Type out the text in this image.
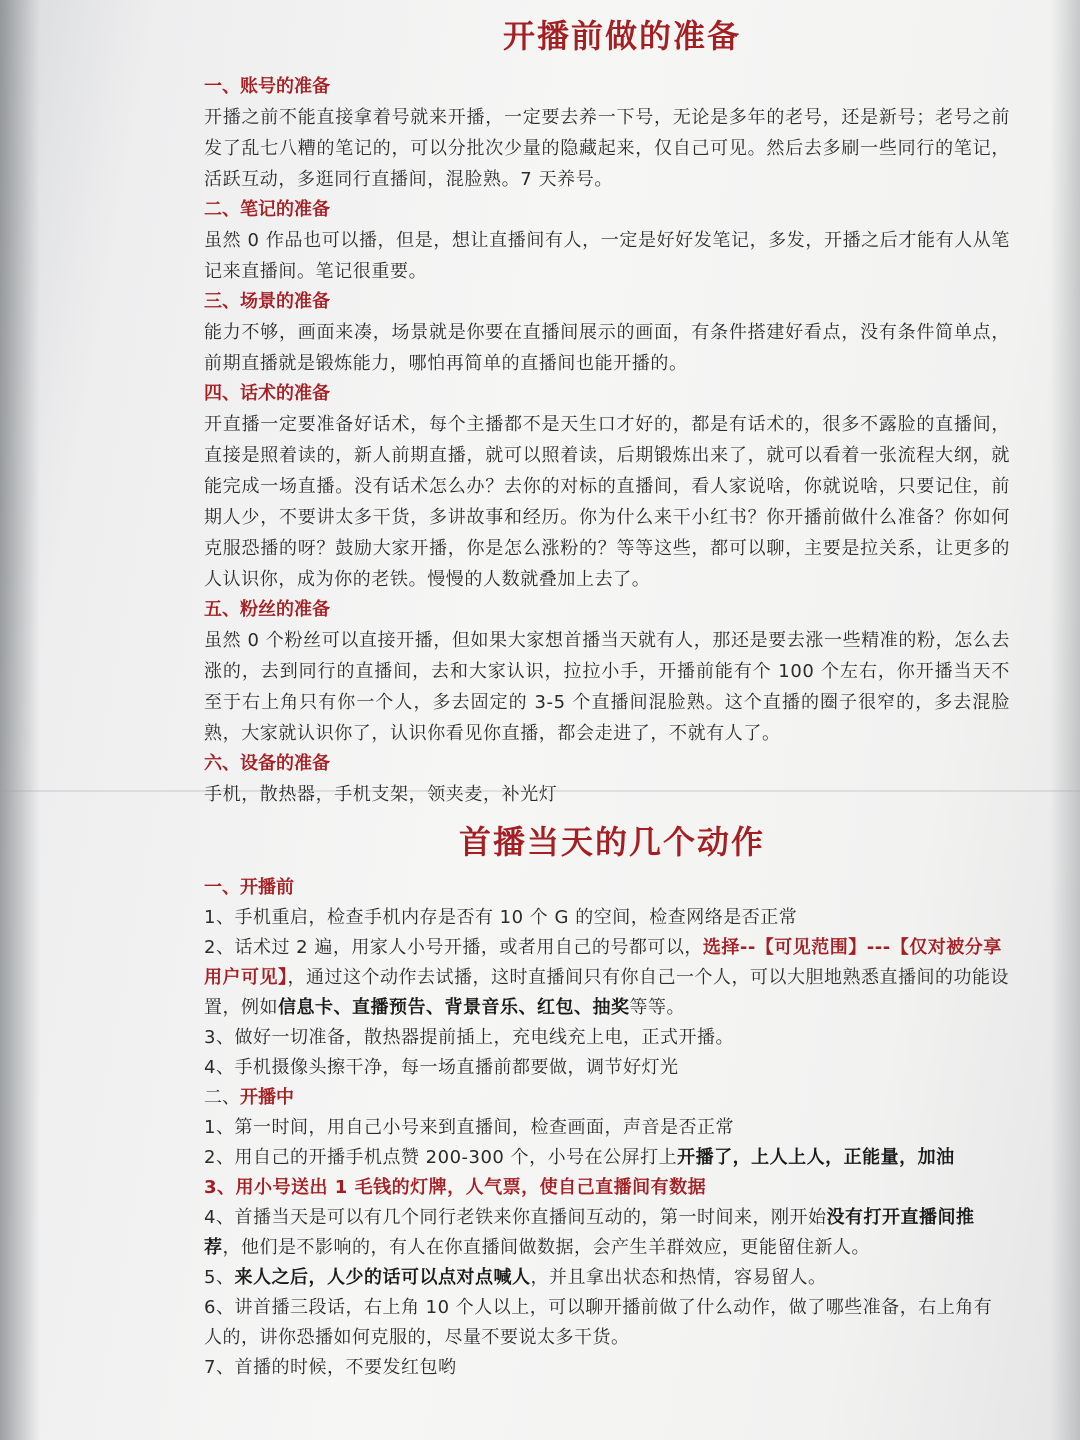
开播前做的准备

一、账号的准备

开播之前不能直接拿着号就来开播，一定要去养一下号，无论是多年的老号，还是新号；老号之前发了乱七八糟的笔记的，可以分批次少量的隐藏起来，仅自己可见。然后去多刷一些同行的笔记，活跃互动，多逛同行直播间，混脸熟。7 天养号。

二、笔记的准备

虽然 0 作品也可以播，但是，想让直播间有人，一定是好好发笔记，多发，开播之后才能有人从笔记来直播间。笔记很重要。

三、场景的准备

能力不够，画面来凑，场景就是你要在直播间展示的画面，有条件搭建好看点，没有条件简单点，前期直播就是锻炼能力，哪怕再简单的直播间也能开播的。

四、话术的准备

开直播一定要准备好话术，每个主播都不是天生口才好的，都是有话术的，很多不露脸的直播间，直接是照着读的，新人前期直播，就可以照着读，后期锻炼出来了，就可以看着一张流程大纲，就能完成一场直播。没有话术怎么办？去你的对标的直播间，看人家说啥，你就说啥，只要记住，前期人少，不要讲太多干货，多讲故事和经历。你为什么来干小红书？你开播前做什么准备？你如何克服恐播的呀？鼓励大家开播，你是怎么涨粉的？等等这些，都可以聊，主要是拉关系，让更多的人认识你，成为你的老铁。慢慢的人数就叠加上去了。

五、粉丝的准备

虽然 0 个粉丝可以直接开播，但如果大家想首播当天就有人，那还是要去涨一些精准的粉，怎么去涨的，去到同行的直播间，去和大家认识，拉拉小手，开播前能有个 100 个左右，你开播当天不至于右上角只有你一个人，多去固定的 3-5 个直播间混脸熟。这个直播的圈子很窄的，多去混脸熟，大家就认识你了，认识你看见你直播，都会走进了，不就有人了。

六、设备的准备

手机，散热器，手机支架，领夹麦，补光灯

首播当天的几个动作

一、开播前

1、手机重启，检查手机内存是否有 10 个 G 的空间，检查网络是否正常

2、话术过 2 遍，用家人小号开播，或者用自己的号都可以，选择--【可见范围】---【仅对被分享用户可见】，通过这个动作去试播，这时直播间只有你自己一个人，可以大胆地熟悉直播间的功能设置，例如信息卡、直播预告、背景音乐、红包、抽奖等等。

3、做好一切准备，散热器提前插上，充电线充上电，正式开播。

4、手机摄像头擦干净，每一场直播前都要做，调节好灯光

二、开播中

1、第一时间，用自己小号来到直播间，检查画面，声音是否正常

2、用自己的开播手机点赞 200-300 个，小号在公屏打上开播了，上人上人，正能量，加油

3、用小号送出 1 毛钱的灯牌，人气票，使自己直播间有数据

4、首播当天是可以有几个同行老铁来你直播间互动的，第一时间来，刚开始没有打开直播间推荐，他们是不影响的，有人在你直播间做数据，会产生羊群效应，更能留住新人。

5、来人之后，人少的话可以点对点喊人，并且拿出状态和热情，容易留人。

6、讲首播三段话，右上角 10 个人以上，可以聊开播前做了什么动作，做了哪些准备，右上角有人的，讲你恐播如何克服的，尽量不要说太多干货。

7、首播的时候，不要发红包哟
